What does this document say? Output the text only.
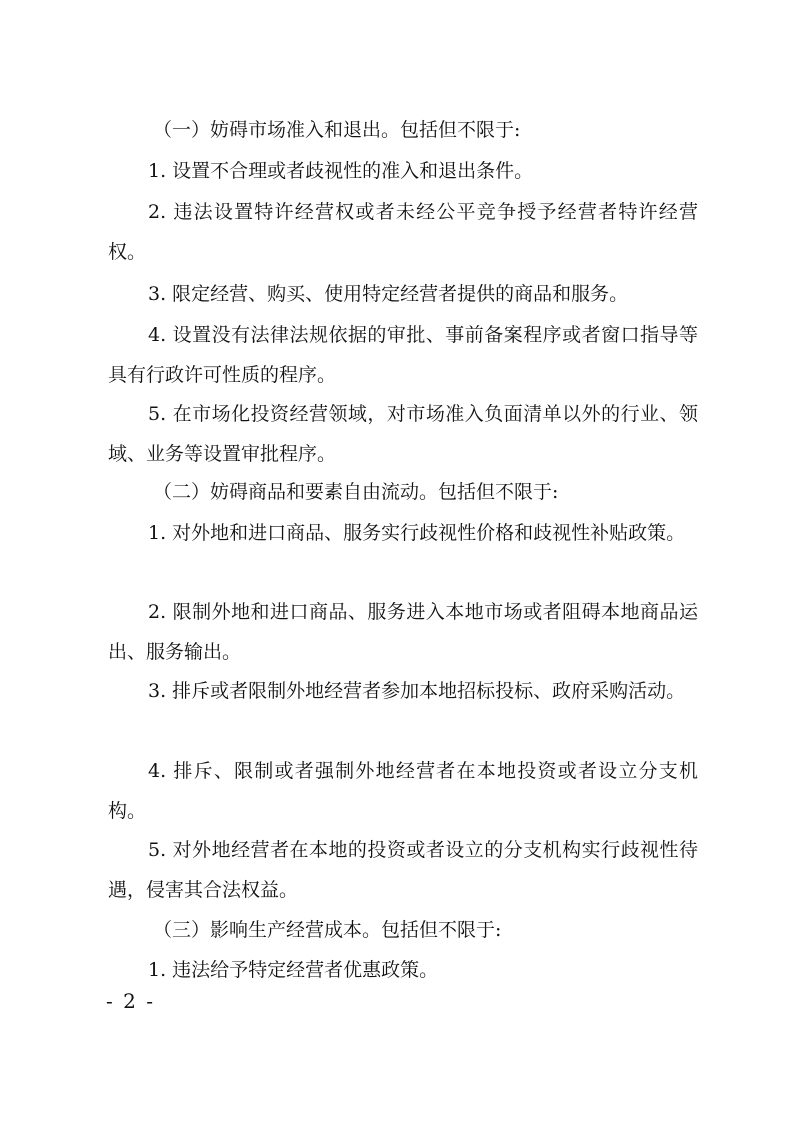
（一）妨碍市场准入和退出。包括但不限于:

1. 设置不合理或者歧视性的准入和退出条件。

2. 违法设置特许经营权或者未经公平竞争授予经营者特许经营权。

3. 限定经营、购买、使用特定经营者提供的商品和服务。

4. 设置没有法律法规依据的审批、事前备案程序或者窗口指导等具有行政许可性质的程序。

5. 在市场化投资经营领域，对市场准入负面清单以外的行业、领域、业务等设置审批程序。

（二）妨碍商品和要素自由流动。包括但不限于:

1. 对外地和进口商品、服务实行歧视性价格和歧视性补贴政策。

2. 限制外地和进口商品、服务进入本地市场或者阻碍本地商品运出、服务输出。

3. 排斥或者限制外地经营者参加本地招标投标、政府采购活动。

4. 排斥、限制或者强制外地经营者在本地投资或者设立分支机构。

5. 对外地经营者在本地的投资或者设立的分支机构实行歧视性待遇，侵害其合法权益。

（三）影响生产经营成本。包括但不限于:

1. 违法给予特定经营者优惠政策。

- 2 -
